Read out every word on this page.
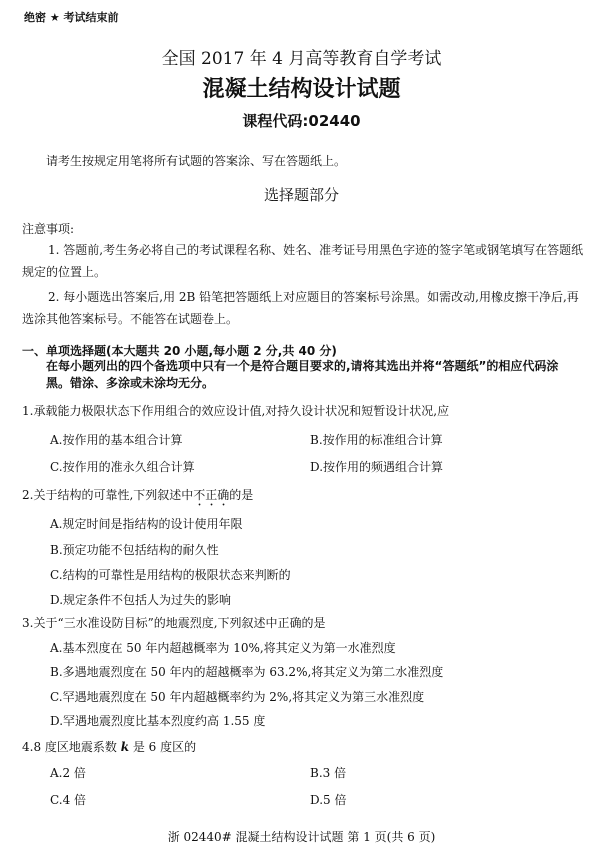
绝密 ★ 考试结束前
全国 2017 年 4 月高等教育自学考试
混凝土结构设计试题
课程代码:02440
请考生按规定用笔将所有试题的答案涂、写在答题纸上。
选择题部分
注意事项:
1. 答题前,考生务必将自己的考试课程名称、姓名、准考证号用黑色字迹的签字笔或钢笔填写在答题纸规定的位置上。
2. 每小题选出答案后,用 2B 铅笔把答题纸上对应题目的答案标号涂黑。如需改动,用橡皮擦干净后,再选涂其他答案标号。不能答在试题卷上。
一、单项选择题(本大题共 20 小题,每小题 2 分,共 40 分)
在每小题列出的四个备选项中只有一个是符合题目要求的,请将其选出并将“答题纸”的相应代码涂黑。错涂、多涂或未涂均无分。
1.承载能力极限状态下作用组合的效应设计值,对持久设计状况和短暂设计状况,应
A.按作用的基本组合计算	B.按作用的标准组合计算
C.按作用的准永久组合计算	D.按作用的频遇组合计算
2.关于结构的可靠性,下列叙述中不正确的是
A.规定时间是指结构的设计使用年限
B.预定功能不包括结构的耐久性
C.结构的可靠性是用结构的极限状态来判断的
D.规定条件不包括人为过失的影响
3.关于“三水准设防目标”的地震烈度,下列叙述中正确的是
A.基本烈度在 50 年内超越概率为 10%,将其定义为第一水准烈度
B.多遇地震烈度在 50 年内的超越概率为 63.2%,将其定义为第二水准烈度
C.罕遇地震烈度在 50 年内超越概率约为 2%,将其定义为第三水准烈度
D.罕遇地震烈度比基本烈度约高 1.55 度
4.8 度区地震系数 k 是 6 度区的
A.2 倍	B.3 倍
C.4 倍	D.5 倍
浙 02440# 混凝土结构设计试题 第 1 页(共 6 页)
